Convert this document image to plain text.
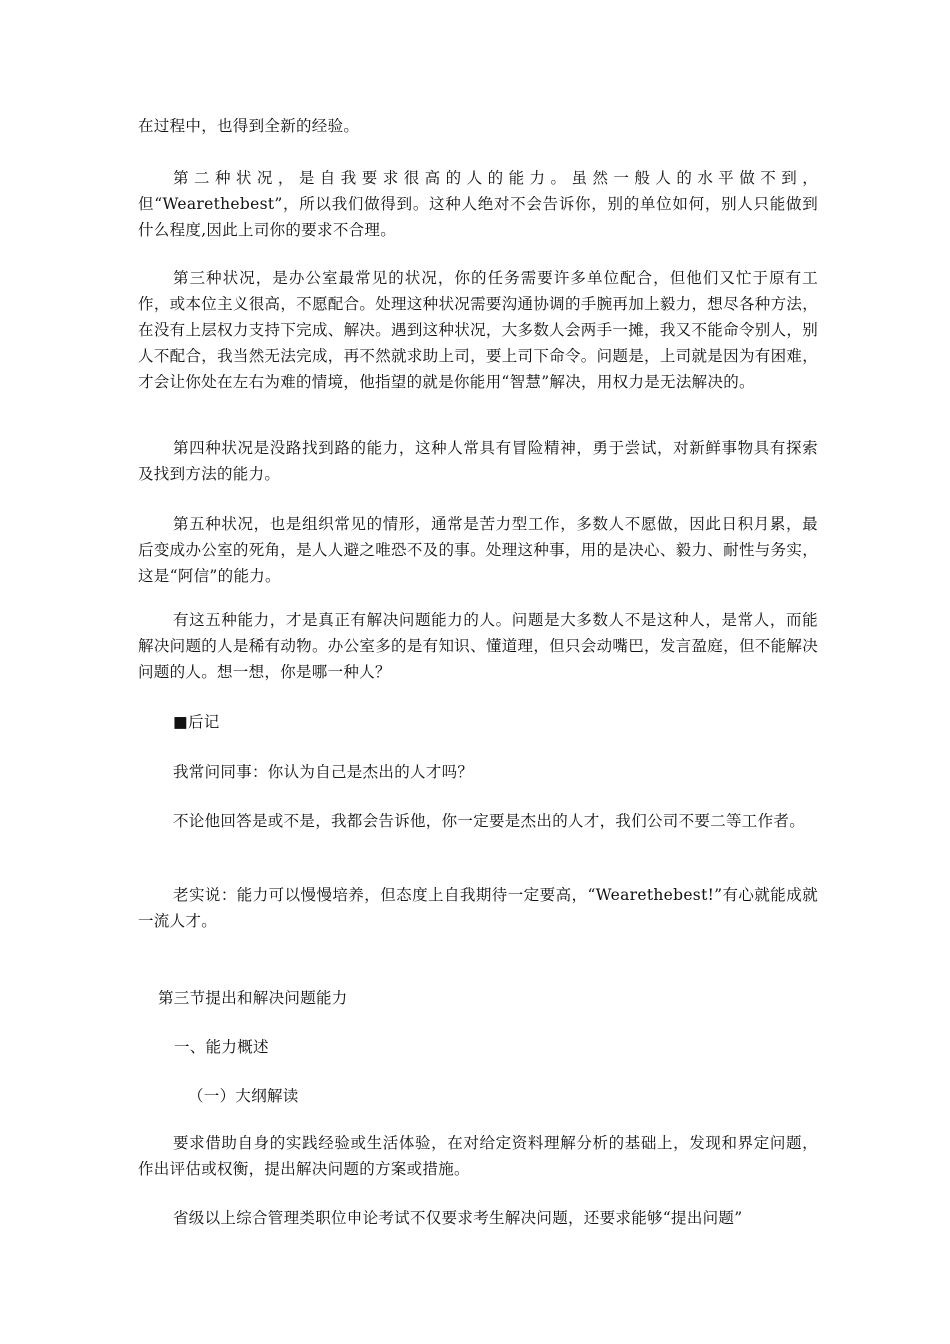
在过程中，也得到全新的经验。

第二种状况，是自我要求很高的人的能力。虽然一般人的水平做不到，但“Wearethebest”，所以我们做得到。这种人绝对不会告诉你，别的单位如何，别人只能做到什么程度,因此上司你的要求不合理。

第三种状况，是办公室最常见的状况，你的任务需要许多单位配合，但他们又忙于原有工作，或本位主义很高，不愿配合。处理这种状况需要沟通协调的手腕再加上毅力，想尽各种方法，在没有上层权力支持下完成、解决。遇到这种状况，大多数人会两手一摊，我又不能命令别人，别人不配合，我当然无法完成，再不然就求助上司，要上司下命令。问题是，上司就是因为有困难，才会让你处在左右为难的情境，他指望的就是你能用“智慧”解决，用权力是无法解决的。

第四种状况是没路找到路的能力，这种人常具有冒险精神，勇于尝试，对新鲜事物具有探索及找到方法的能力。

第五种状况，也是组织常见的情形，通常是苦力型工作，多数人不愿做，因此日积月累，最后变成办公室的死角，是人人避之唯恐不及的事。处理这种事，用的是决心、毅力、耐性与务实，这是“阿信”的能力。

有这五种能力，才是真正有解决问题能力的人。问题是大多数人不是这种人，是常人，而能解决问题的人是稀有动物。办公室多的是有知识、懂道理，但只会动嘴巴，发言盈庭，但不能解决问题的人。想一想，你是哪一种人？

■后记

我常问同事：你认为自己是杰出的人才吗？

不论他回答是或不是，我都会告诉他，你一定要是杰出的人才，我们公司不要二等工作者。

老实说：能力可以慢慢培养，但态度上自我期待一定要高，“Wearethebest!”有心就能成就一流人才。

第三节提出和解决问题能力

一、能力概述

（一）大纲解读

要求借助自身的实践经验或生活体验，在对给定资料理解分析的基础上，发现和界定问题，作出评估或权衡，提出解决问题的方案或措施。

省级以上综合管理类职位申论考试不仅要求考生解决问题，还要求能够“提出问题”
